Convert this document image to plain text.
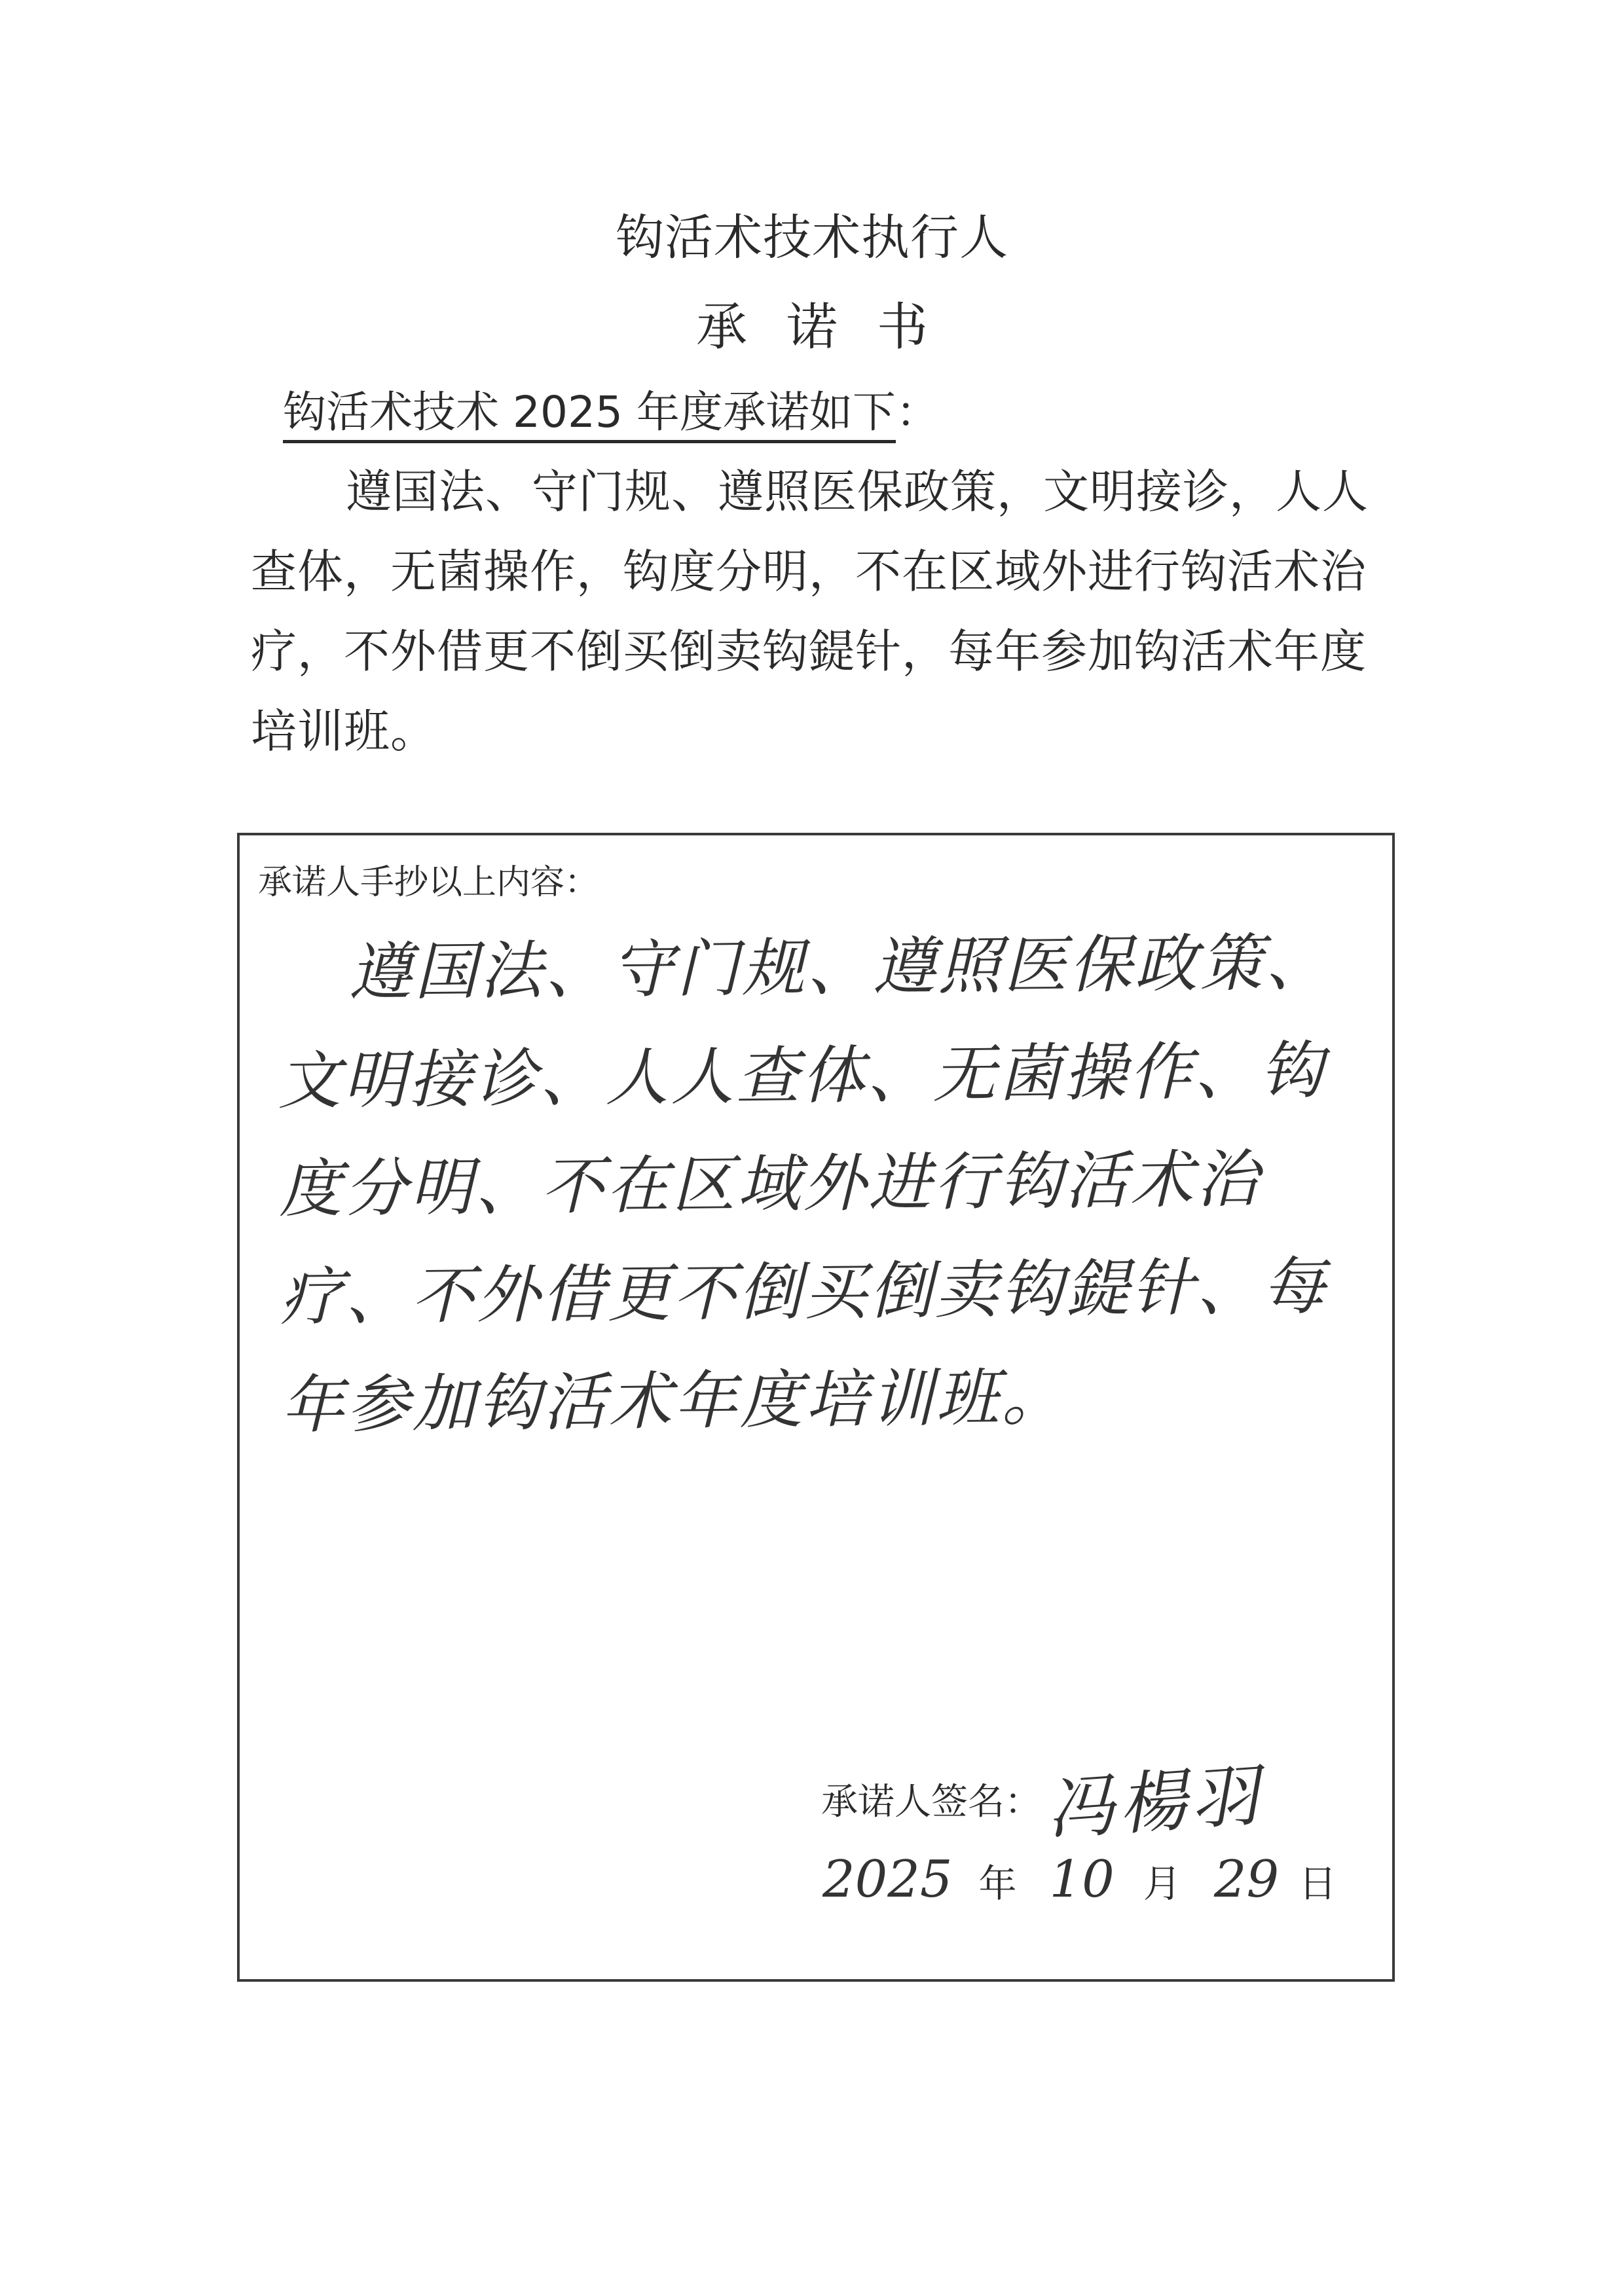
钩活术技术执行人
承诺书
钩活术技术 2025 年度承诺如下：
遵国法、守门规、遵照医保政策，文明接诊，人人查体，无菌操作，钩度分明，不在区域外进行钩活术治疗，不外借更不倒买倒卖钩鍉针，每年参加钩活术年度培训班。
承诺人手抄以上内容：
遵国法、守门规、遵照医保政策、文明接诊、人人查体、无菌操作、钩度分明、不在区域外进行钩活术治疗、不外借更不倒买倒卖钩鍉针、每年参加钩活术年度培训班。
承诺人签名： 冯楊羽
2025 年 10 月 29 日
